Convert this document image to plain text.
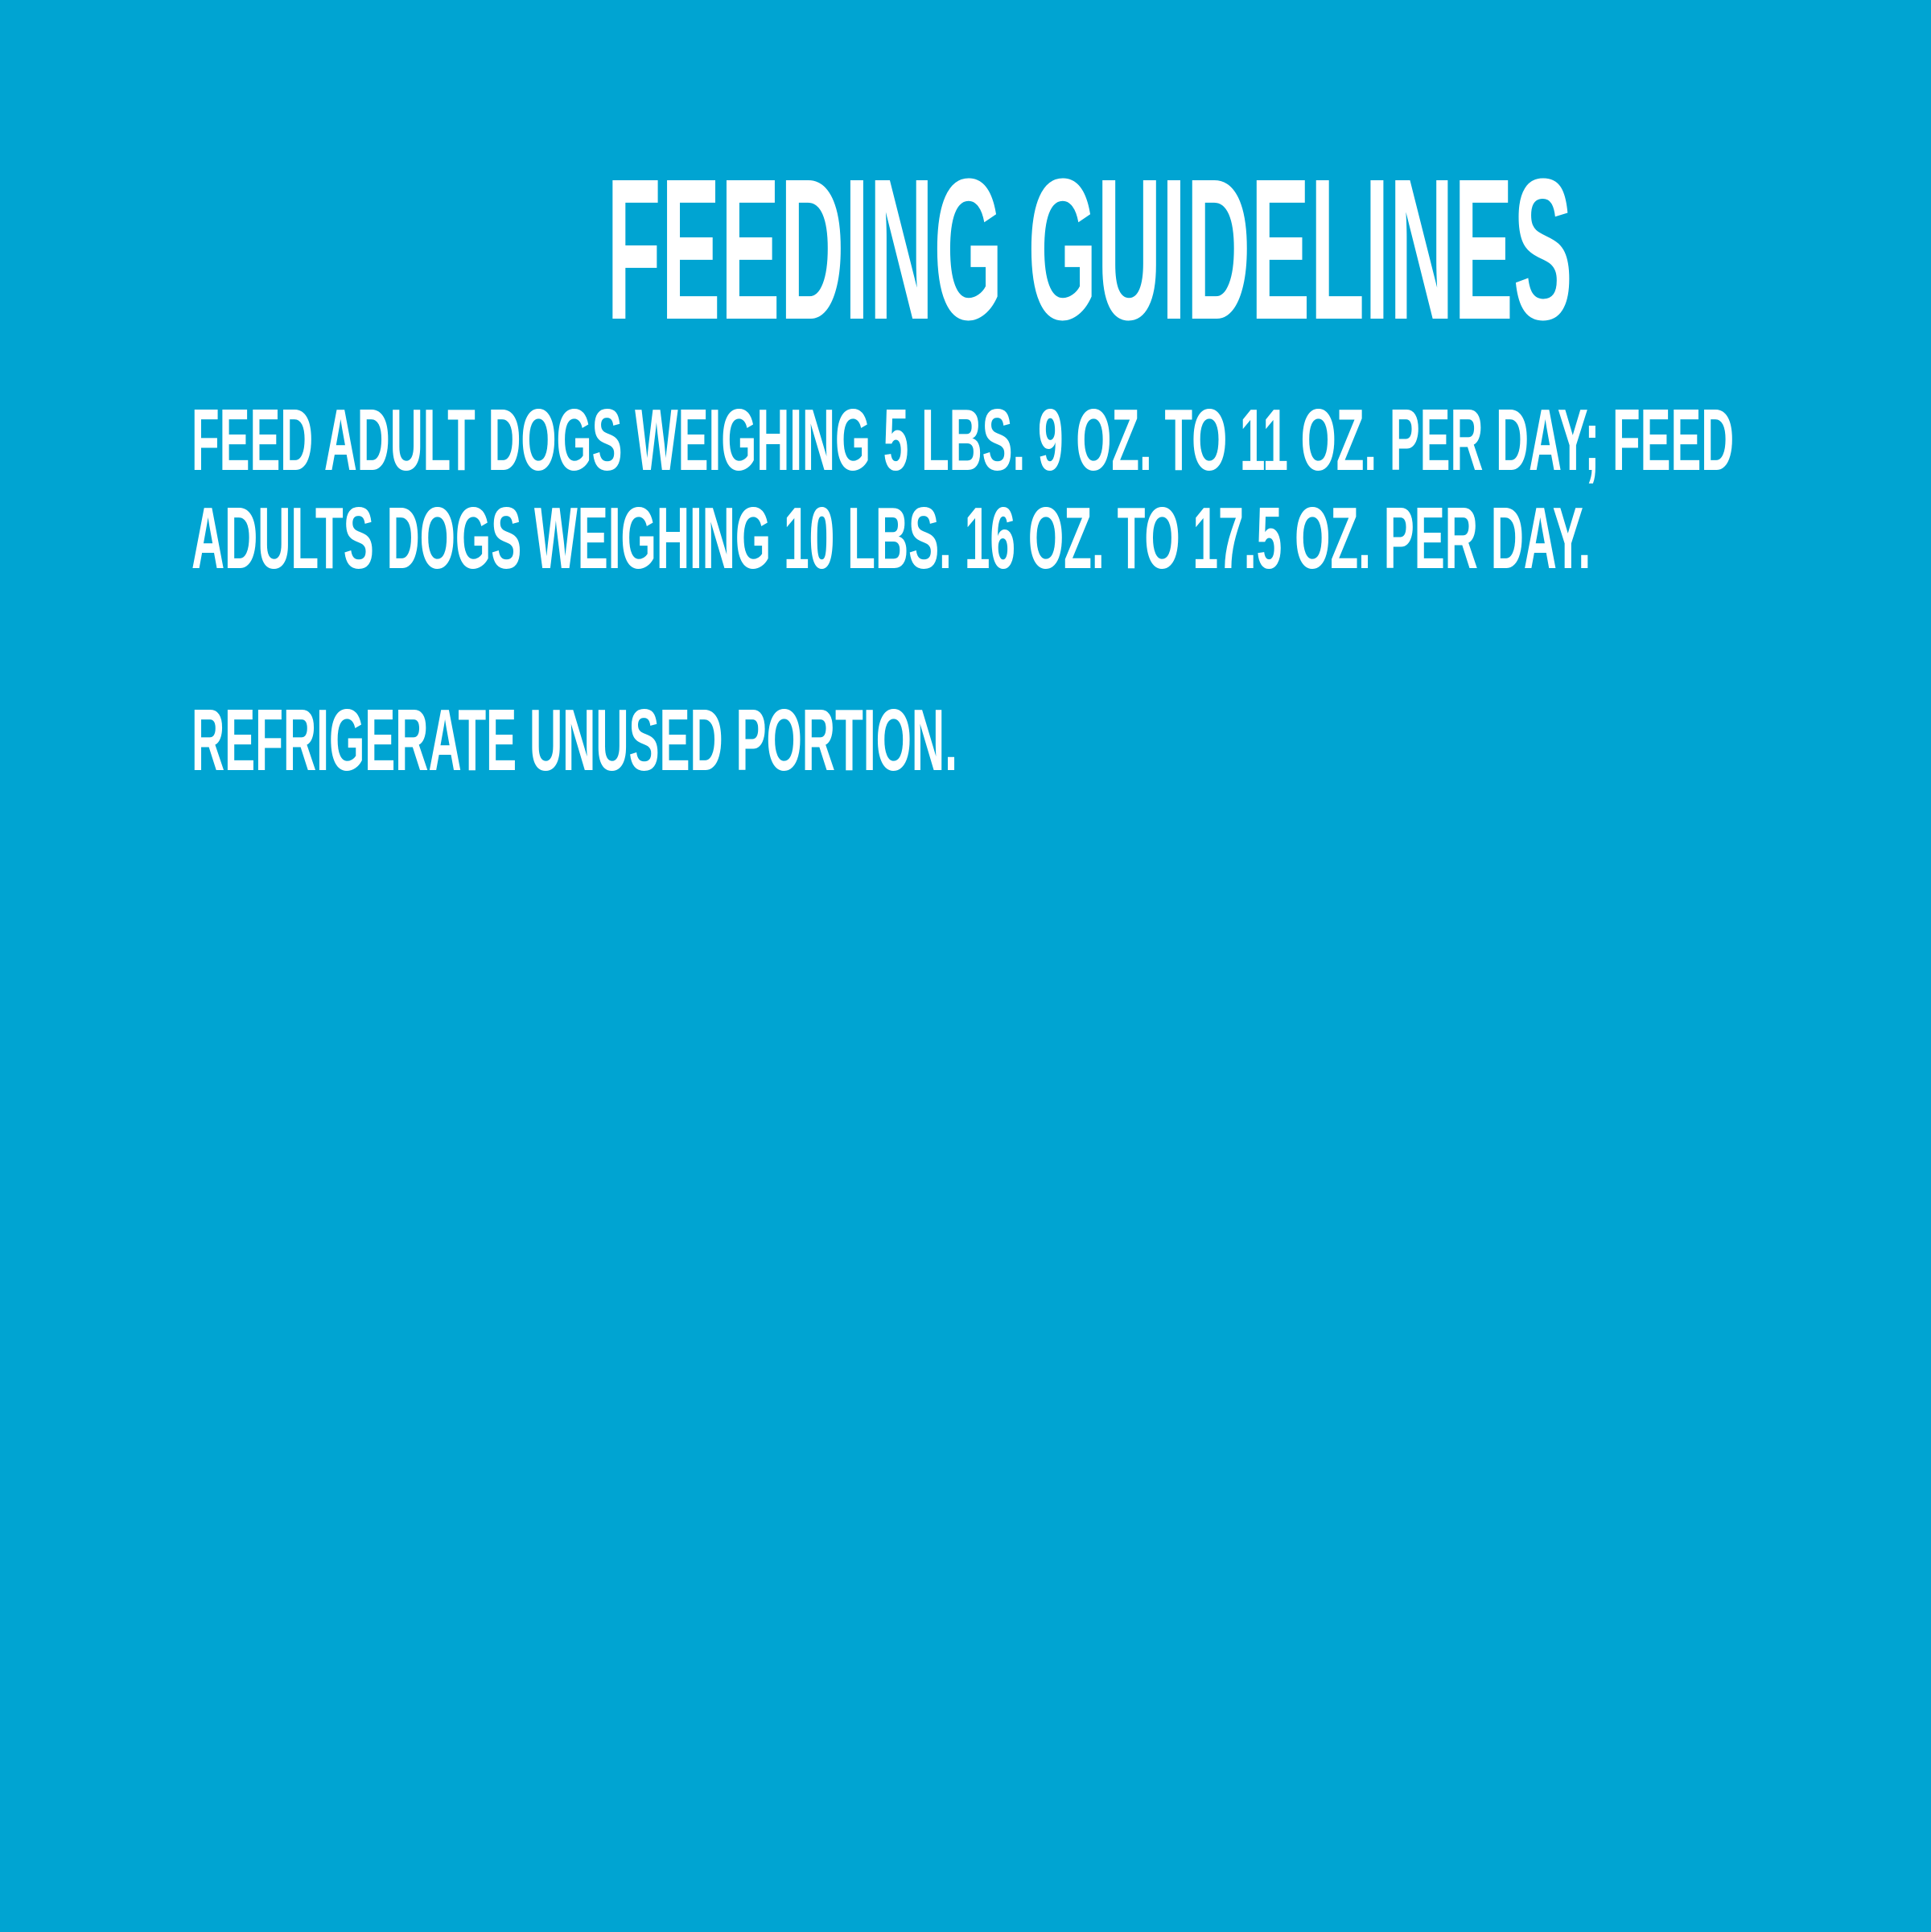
FEEDING GUIDELINES
FEED ADULT DOGS WEIGHING 5 LBS. 9 OZ. TO 11 OZ. PER DAY; FEED
ADULTS DOGS WEIGHING 10 LBS. 16 OZ. TO 17.5 OZ. PER DAY.

REFRIGERATE UNUSED PORTION.
